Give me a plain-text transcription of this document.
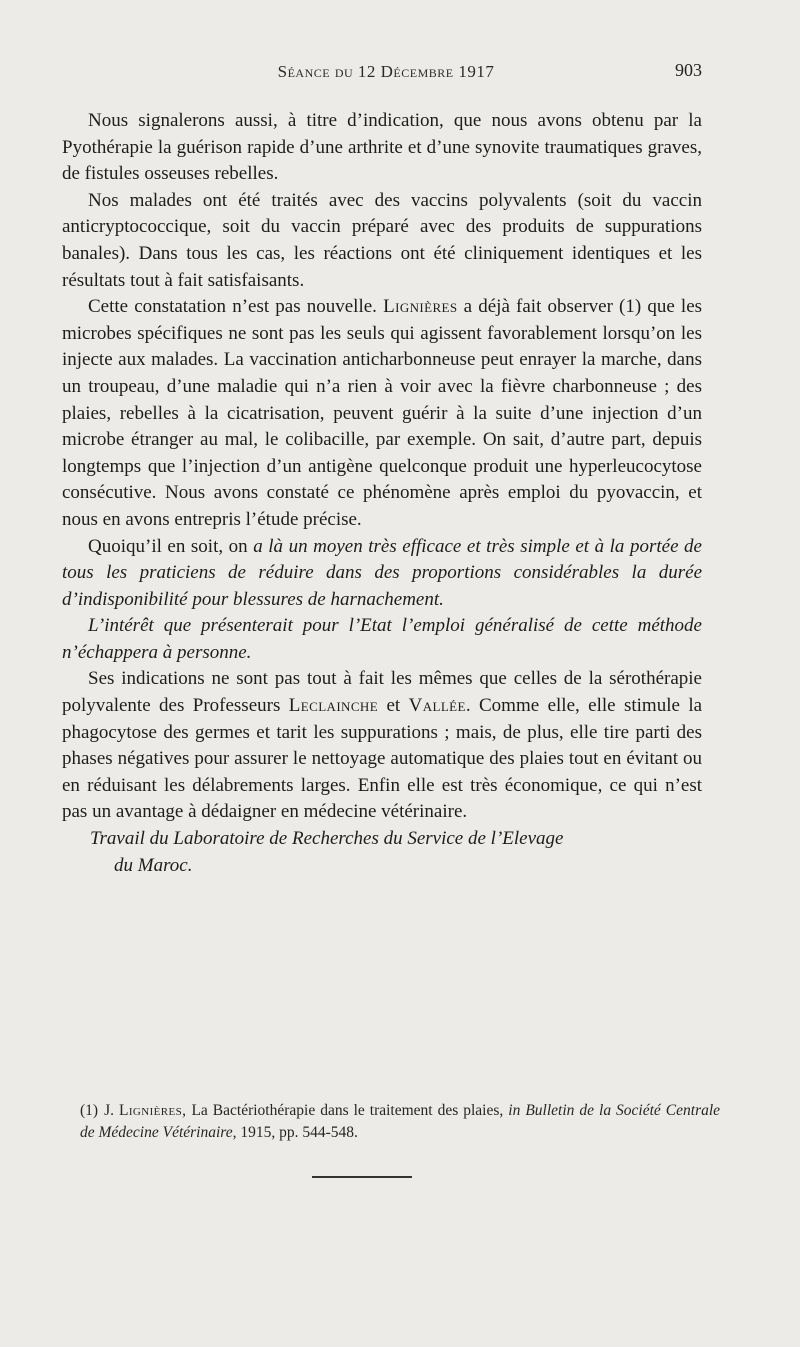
Séance du 12 Décembre 1917	903

Nous signalerons aussi, à titre d’indication, que nous avons obtenu par la Pyothérapie la guérison rapide d’une arthrite et d’une synovite traumatiques graves, de fistules osseuses rebelles.

Nos malades ont été traités avec des vaccins polyvalents (soit du vaccin anticryptococcique, soit du vaccin préparé avec des produits de suppurations banales). Dans tous les cas, les réactions ont été cliniquement identiques et les résultats tout à fait satisfaisants.

Cette constatation n’est pas nouvelle. Lignières a déjà fait observer (1) que les microbes spécifiques ne sont pas les seuls qui agissent favorablement lorsqu’on les injecte aux malades. La vaccination anticharbonneuse peut enrayer la marche, dans un troupeau, d’une maladie qui n’a rien à voir avec la fièvre charbonneuse ; des plaies, rebelles à la cicatrisation, peuvent guérir à la suite d’une injection d’un microbe étranger au mal, le colibacille, par exemple. On sait, d’autre part, depuis longtemps que l’injection d’un antigène quelconque produit une hyperleucocytose consécutive. Nous avons constaté ce phénomène après emploi du pyovaccin, et nous en avons entrepris l’étude précise.

Quoiqu’il en soit, on a là un moyen très efficace et très simple et à la portée de tous les praticiens de réduire dans des proportions considérables la durée d’indisponibilité pour blessures de harnachement.

L’intérêt que présenterait pour l’Etat l’emploi généralisé de cette méthode n’échappera à personne.

Ses indications ne sont pas tout à fait les mêmes que celles de la sérothérapie polyvalente des Professeurs Leclainche et Vallée. Comme elle, elle stimule la phagocytose des germes et tarit les suppurations ; mais, de plus, elle tire parti des phases négatives pour assurer le nettoyage automatique des plaies tout en évitant ou en réduisant les délabrements larges. Enfin elle est très économique, ce qui n’est pas un avantage à dédaigner en médecine vétérinaire.

Travail du Laboratoire de Recherches du Service de l’Elevage

du Maroc.

(1) J. Lignières, La Bactériothérapie dans le traitement des plaies, in Bulletin de la Société Centrale de Médecine Vétérinaire, 1915, pp. 544-548.
